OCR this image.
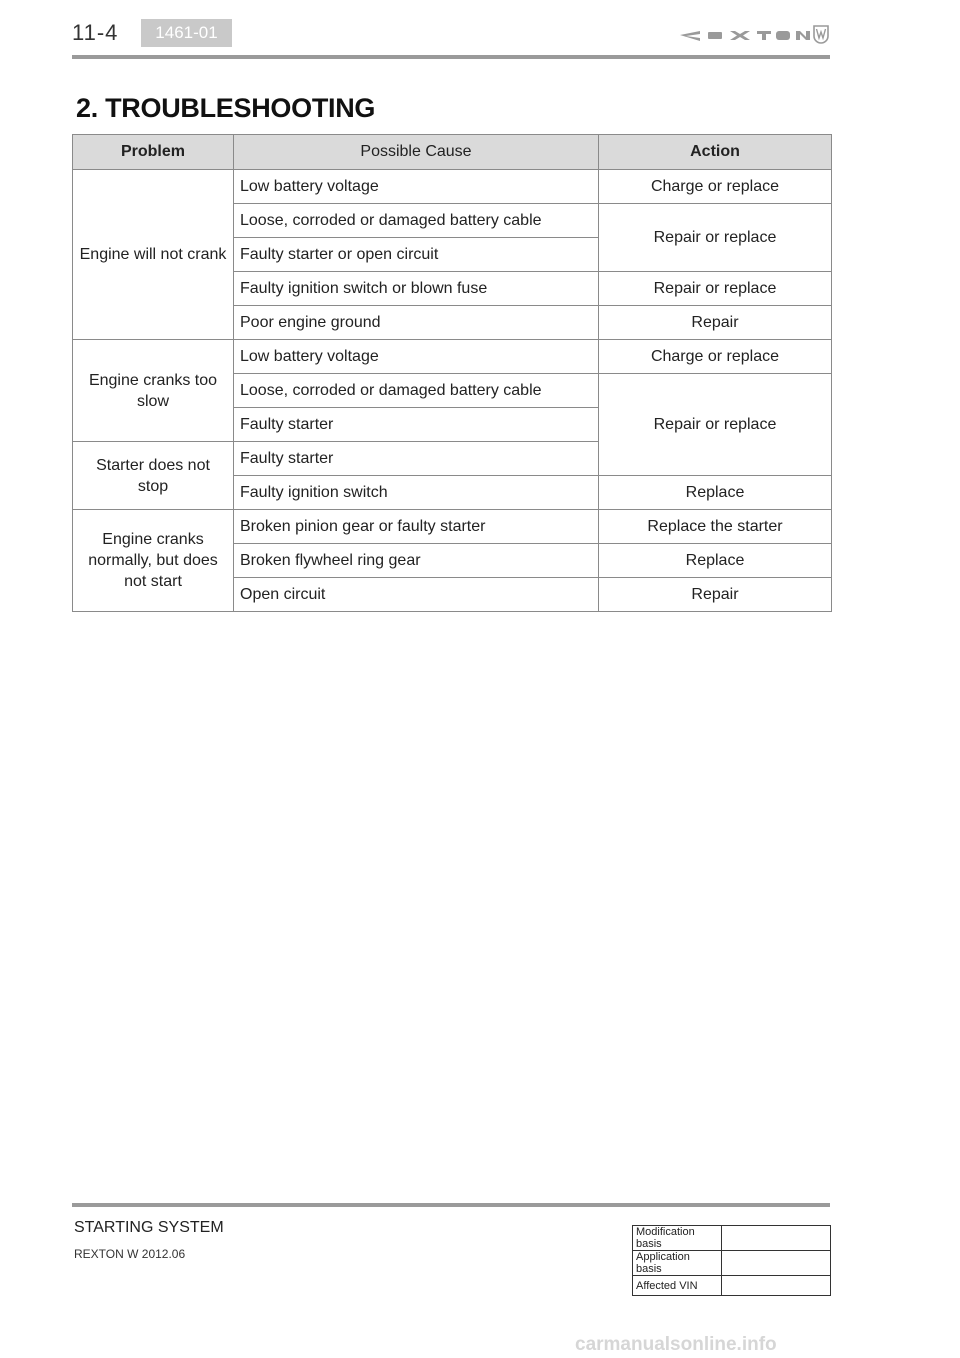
11-4	1461-01
2. TROUBLESHOOTING
Problem	Possible Cause	Action
Engine will not crank	Low battery voltage	Charge or replace
	Loose, corroded or damaged battery cable	Repair or replace
	Faulty starter or open circuit	
	Faulty ignition switch or blown fuse	Repair or replace
	Poor engine ground	Repair
Engine cranks too slow	Low battery voltage	Charge or replace
	Loose, corroded or damaged battery cable	Repair or replace
	Faulty starter	
Starter does not stop	Faulty starter	
	Faulty ignition switch	Replace
Engine cranks normally, but does not start	Broken pinion gear or faulty starter	Replace the starter
	Broken flywheel ring gear	Replace
	Open circuit	Repair
STARTING SYSTEM
REXTON W 2012.06
Modification basis	
Application basis	
Affected VIN	
carmanualsonline.info
